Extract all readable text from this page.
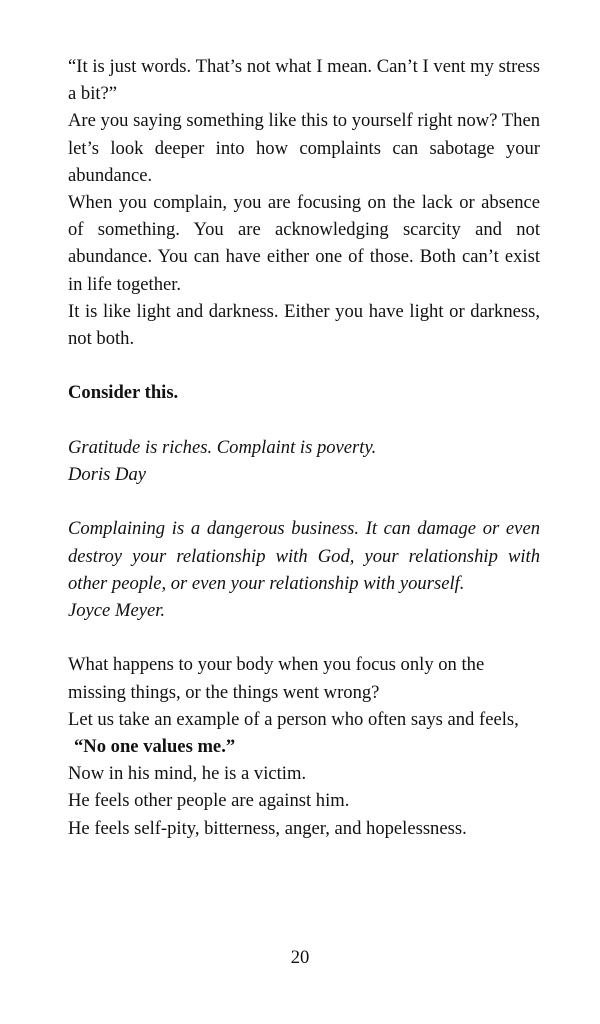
“It is just words. That’s not what I mean. Can’t I vent my stress a bit?”

Are you saying something like this to yourself right now? Then let’s look deeper into how complaints can sabotage your abundance.

When you complain, you are focusing on the lack or absence of something. You are acknowledging scarcity and not abundance. You can have either one of those. Both can’t exist in life together.

It is like light and darkness. Either you have light or darkness, not both.

Consider this.

Gratitude is riches. Complaint is poverty.

Doris Day

Complaining is a dangerous business. It can damage or even destroy your relationship with God, your relationship with other people, or even your relationship with yourself.

Joyce Meyer.

What happens to your body when you focus only on the missing things, or the things went wrong?

Let us take an example of a person who often says and feels,

“No one values me.”

Now in his mind, he is a victim.

He feels other people are against him.

He feels self-pity, bitterness, anger, and hopelessness.

20
